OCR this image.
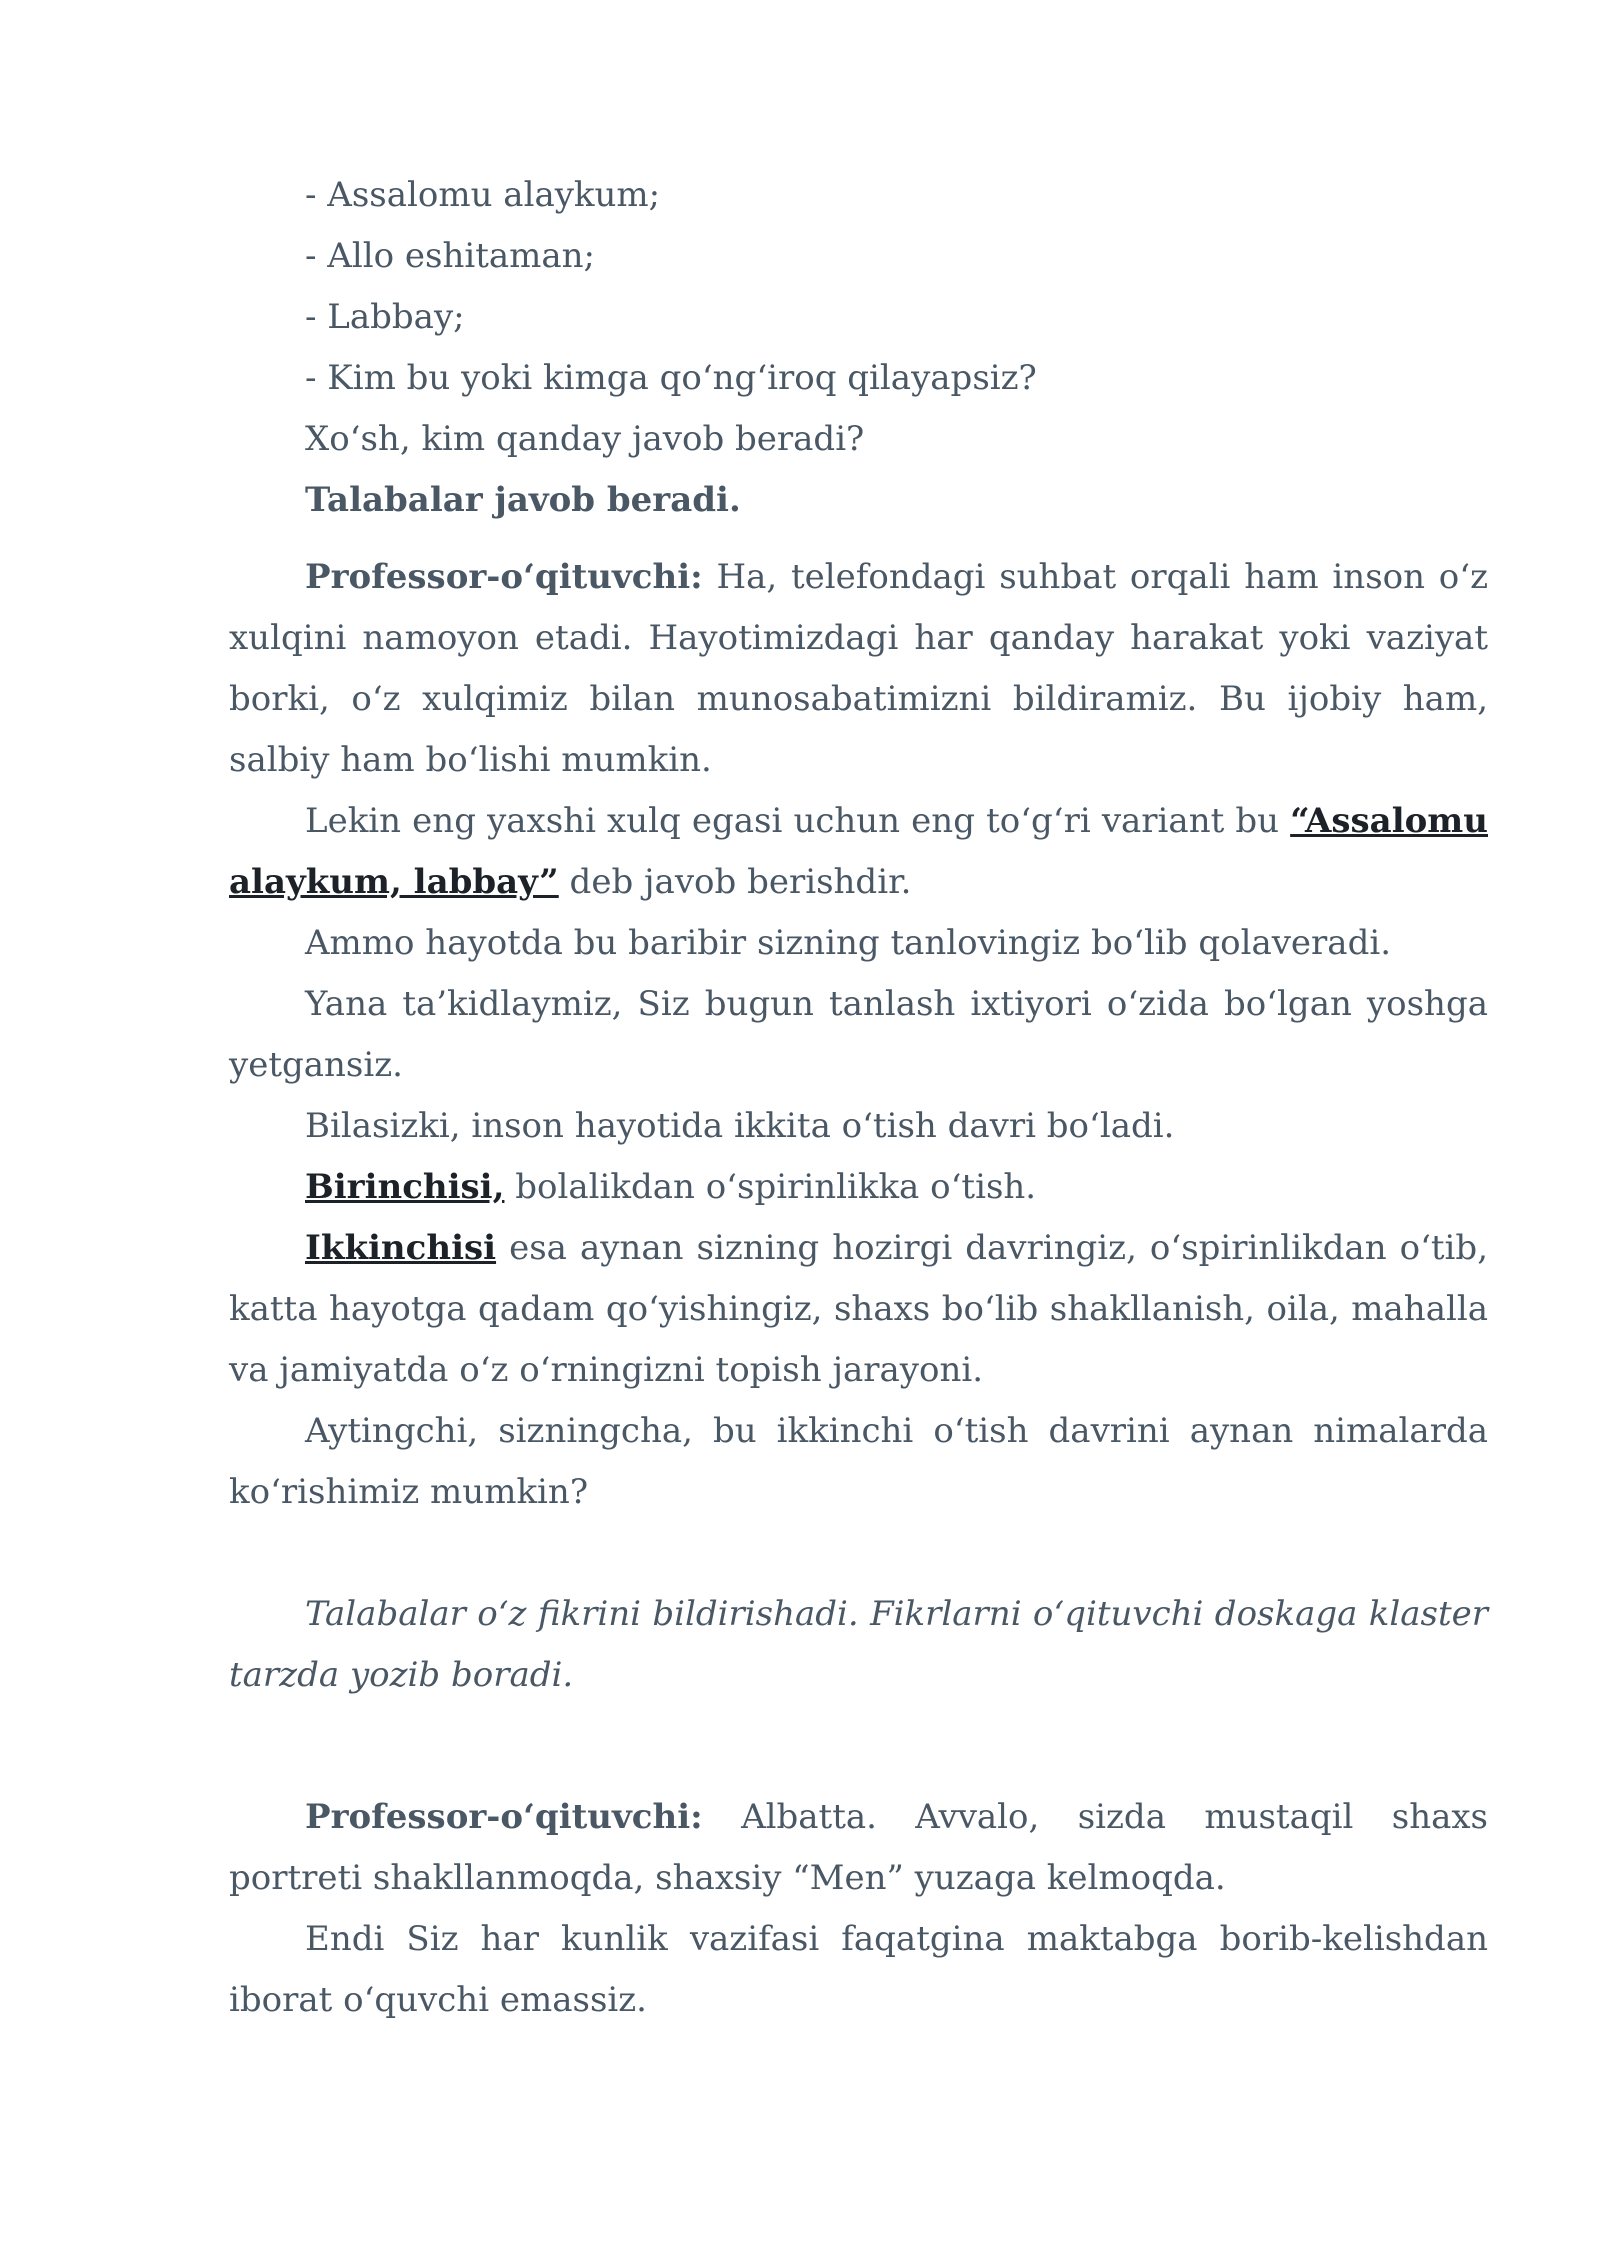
- Assalomu alaykum;

- Allo eshitaman;

- Labbay;

- Kim bu yoki kimga qo‘ng‘iroq qilayapsiz?

Xo‘sh, kim qanday javob beradi?

Talabalar javob beradi.

Professor-o‘qituvchi: Ha, telefondagi suhbat orqali ham inson o‘z xulqini namoyon etadi. Hayotimizdagi har qanday harakat yoki vaziyat borki, o‘z xulqimiz bilan munosabatimizni bildiramiz. Bu ijobiy ham, salbiy ham bo‘lishi mumkin.

Lekin eng yaxshi xulq egasi uchun eng to‘g‘ri variant bu “Assalomu alaykum, labbay” deb javob berishdir.

Ammo hayotda bu baribir sizning tanlovingiz bo‘lib qolaveradi.

Yana ta’kidlaymiz, Siz bugun tanlash ixtiyori o‘zida bo‘lgan yoshga yetgansiz.

Bilasizki, inson hayotida ikkita o‘tish davri bo‘ladi.

Birinchisi, bolalikdan o‘spirinlikka o‘tish.

Ikkinchisi esa aynan sizning hozirgi davringiz, o‘spirinlikdan o‘tib, katta hayotga qadam qo‘yishingiz, shaxs bo‘lib shakllanish, oila, mahalla va jamiyatda o‘z o‘rningizni topish jarayoni.

Aytingchi, sizningcha, bu ikkinchi o‘tish davrini aynan nimalarda ko‘rishimiz mumkin?

Talabalar o‘z fikrini bildirishadi. Fikrlarni o‘qituvchi doskaga klaster tarzda yozib boradi.

Professor-o‘qituvchi: Albatta. Avvalo, sizda mustaqil shaxs portreti shakllanmoqda, shaxsiy “Men” yuzaga kelmoqda.

Endi Siz har kunlik vazifasi faqatgina maktabga borib-kelishdan iborat o‘quvchi emassiz.
